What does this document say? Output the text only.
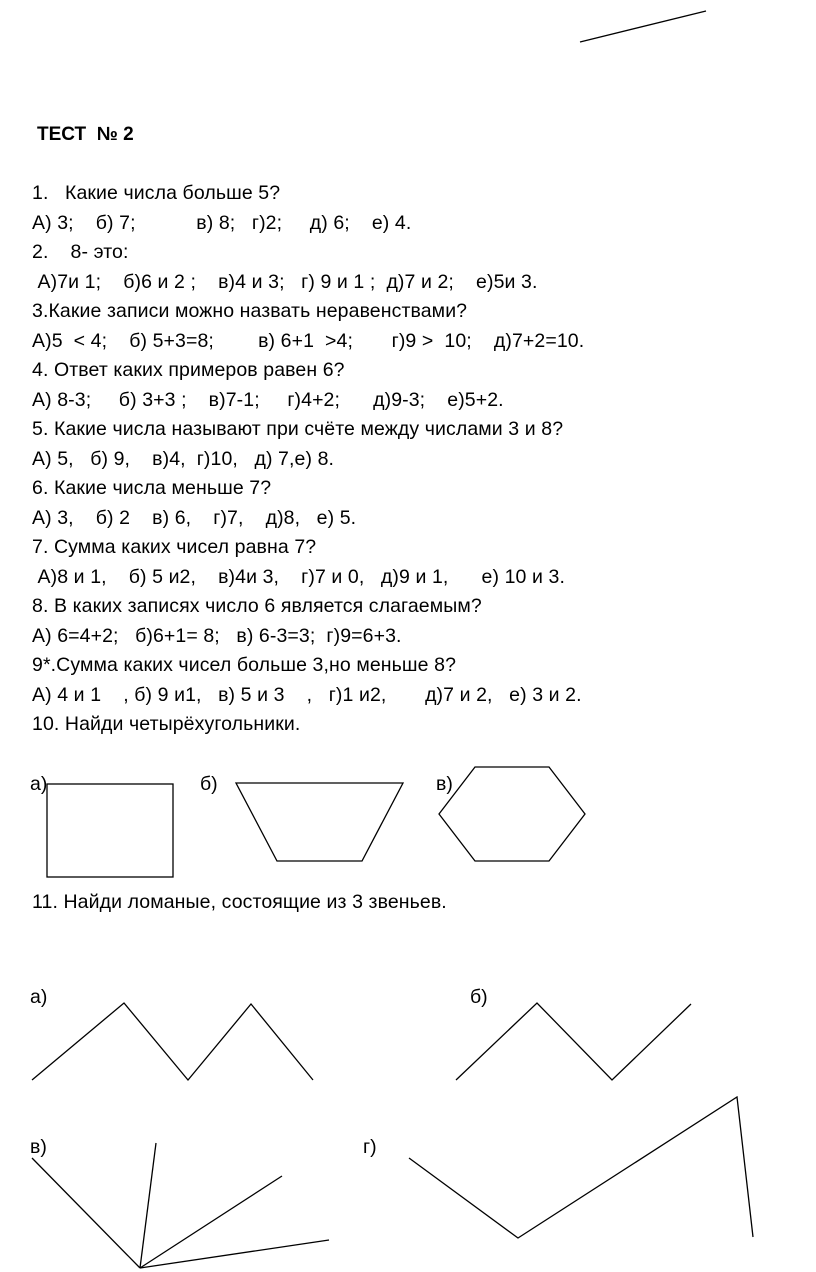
ТЕСТ  № 2
1.   Какие числа больше 5?
А) 3;    б) 7;           в) 8;   г)2;     д) 6;    е) 4.
2.    8- это:
А)7и 1;    б)6 и 2 ;    в)4 и 3;   г) 9 и 1 ;  д)7 и 2;    е)5и 3.
3.Какие записи можно назвать неравенствами?
А)5  < 4;    б) 5+3=8;        в) 6+1  >4;       г)9 >  10;    д)7+2=10.
4. Ответ каких примеров равен 6?
А) 8-3;     б) 3+3 ;    в)7-1;     г)4+2;      д)9-3;    е)5+2.
5. Какие числа называют при счёте между числами 3 и 8?
А) 5,   б) 9,    в)4,  г)10,   д) 7,е) 8.
6. Какие числа меньше 7?
А) 3,    б) 2    в) 6,    г)7,    д)8,   е) 5.
7. Сумма каких чисел равна 7?
А)8 и 1,    б) 5 и2,    в)4и 3,    г)7 и 0,   д)9 и 1,      е) 10 и 3.
8. В каких записях число 6 является слагаемым?
А) 6=4+2;   б)6+1= 8;   в) 6-3=3;  г)9=6+3.
9*.Сумма каких чисел больше 3,но меньше 8?
А) 4 и 1    , б) 9 и1,   в) 5 и 3    ,   г)1 и2,       д)7 и 2,   е) 3 и 2.
10. Найди четырёхугольники.
а)	б)	в)
11. Найди ломаные, состоящие из 3 звеньев.
а)	б)
в)	г)
